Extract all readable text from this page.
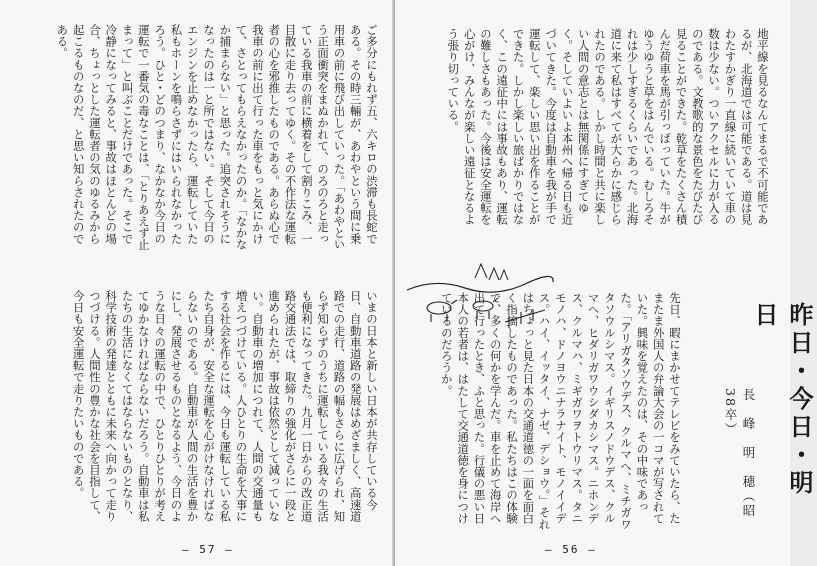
ご多分にもれず五、六キロの渋滞も長蛇である。その時三輛が、あわやという間に乗用車の前に飛び出していった。「あわやという正面衝突をまぬかれて、のろのろと走っている我車の前に横着をして割りこみ、一目散に走り去ってゆく。その不作法な運転者の心を邪推したものである。あらぬ心で我車の前に出て行った車をもっと気にかけて、さとってもらえなかったのか。「なかなか捕まらない」と思った。追突されそうになったのは一と所ではない。そして今日のエンジンを止めなかったら、運転していた私もホーンを鳴らさずにはいられなかったろう。ひと・どのつまり、なかなか今日の運転で一番気の毒なことは、「とりあえず止まって」と叫ぶことだけであった。そこで冷静になってみると、事故はほとんどの場合、ちょっとした運転者の気のゆるみから起こるものなのだ、と思い知らされたのである。
いまの日本と新しい日本が共存している今日、自動車道路の発展はめざましく、高速道路での走行、道路の幅もさらに広げられ、知らず知らずのうちに運転している我々の生活も便利になってきた。九月一日からの改正道路交通法では、取締りの強化がさらに一段と進められたが、事故は依然として減っていない。自動車の増加につれて、人間の交通量も増えつづけている。人ひとりの生命を大事にする社会を作るには、今日も運転している私たち自身が、安全な運転を心がけなければならないのである。自動車が人間の生活を豊かにし、発展させるものとなるよう、今日のような日々の運転の中で、ひとりひとりが考えてゆかなければならないだろう。自動車は私たちの生活になくてはならないものとなり、科学技術の発達とともに未来へ向かって走りつづける。人間性の豊かな社会を目指して、今日も安全運転で走りたいものである。
— 57 —
地平線を見るなんてまるで不可能であるが、北海道では可能である。道は見わたすかぎり一直線に続いていて車の数は少ない。ついアクセルに力が入るのである。文教歌的な景色をたびたび見ることができた。乾草をたくさん積んだ荷車を馬が引っぱっていた。牛がゆうゆうと草をはんでいる。むしろそれは少しすぎるくらいであった。北海道に来て私はすべてが大らかに感じられたのである。しかし時間と共に楽しい人間の意志とは無関係にすぎてゆく。そしていよいよ本州へ帰る日も近づいてきた。今度は自動車を我が手で運転して、楽しい思い出を作ることができた。しかし楽しい旅ばかりではなく、この遠征中には事故もあり、運転の難しさもあった。今後は安全運転を心がけ、みんなが楽しい遠征となるよう張り切っている。
先日、暇にまかせてテレビをみていたら、たまたま外国人の弁論大会の一コマが写されていた。興味を覚えたのは、その中味であった。「アリガタソウデス、クルマへ、ミチガワタソウルシマス。イギリスノドウデス、クルマヘ、ヒダリガワウシダカシマス。ニホンデス、クルマハ、ミギガワヲトウリマス。タニモノハ、ドノヨウニナラナイト、モノイイデス。ハイ、イッタイ、ナゼ、デショウ。」それはちょっと見た日本の交通道徳の一面を面白く指摘したものであった。私たちはこの体験で、多くの何かを学んだ。車を止めて海岸へ出て行ったとき、ふと思った。行儀の悪い日本人の若者は、はたして交通道徳を身につけているのだろうか。	昨日・今日・明日
長　峰　明　穂（昭38卒）
— 56 —
